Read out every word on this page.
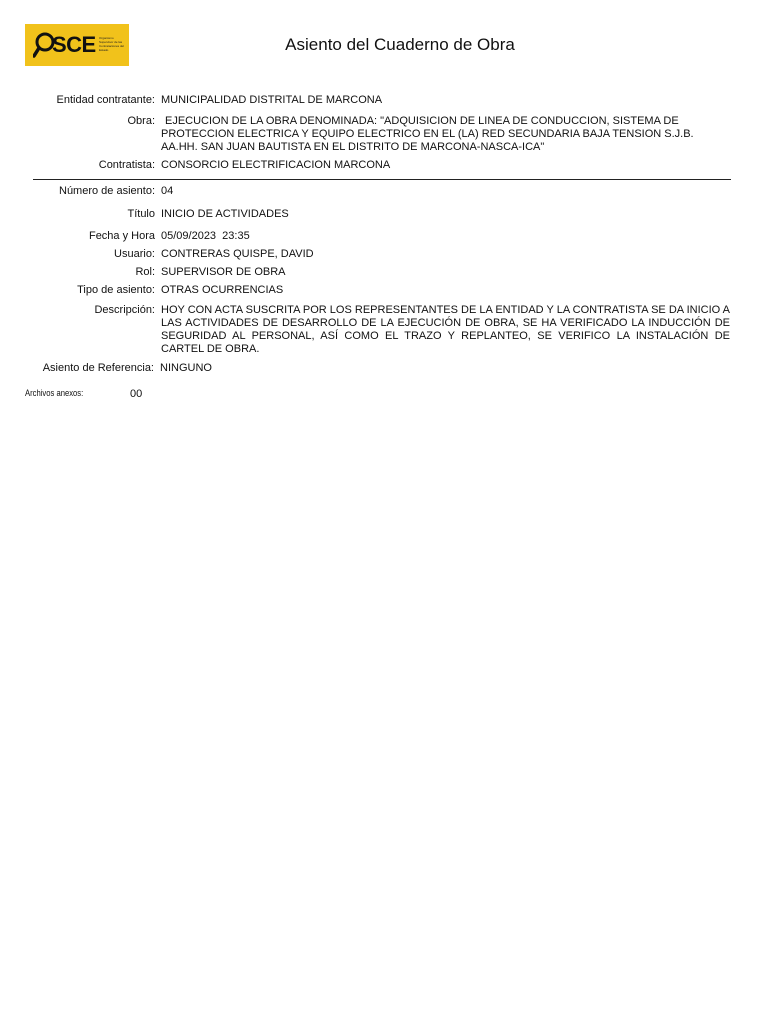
SCE Organismo Supervisor de las Contrataciones del Estado	Asiento del Cuaderno de Obra
Entidad contratante: MUNICIPALIDAD DISTRITAL DE MARCONA
Obra: EJECUCION DE LA OBRA DENOMINADA: "ADQUISICION DE LINEA DE CONDUCCION, SISTEMA DE PROTECCION ELECTRICA Y EQUIPO ELECTRICO EN EL (LA) RED SECUNDARIA BAJA TENSION S.J.B. AA.HH. SAN JUAN BAUTISTA EN EL DISTRITO DE MARCONA-NASCA-ICA"
Contratista: CONSORCIO ELECTRIFICACION MARCONA
Número de asiento: 04
Título INICIO DE ACTIVIDADES
Fecha y Hora 05/09/2023  23:35
Usuario: CONTRERAS QUISPE, DAVID
Rol: SUPERVISOR DE OBRA
Tipo de asiento: OTRAS OCURRENCIAS
Descripción: HOY CON ACTA SUSCRITA POR LOS REPRESENTANTES DE LA ENTIDAD Y LA CONTRATISTA SE DA INICIO A LAS ACTIVIDADES DE DESARROLLO DE LA EJECUCIÓN DE OBRA, SE HA VERIFICADO LA INDUCCIÓN DE SEGURIDAD AL PERSONAL, ASÍ COMO EL TRAZO Y REPLANTEO, SE VERIFICO LA INSTALACIÓN DE CARTEL DE OBRA.
Asiento de Referencia: NINGUNO
Archivos anexos:	00
